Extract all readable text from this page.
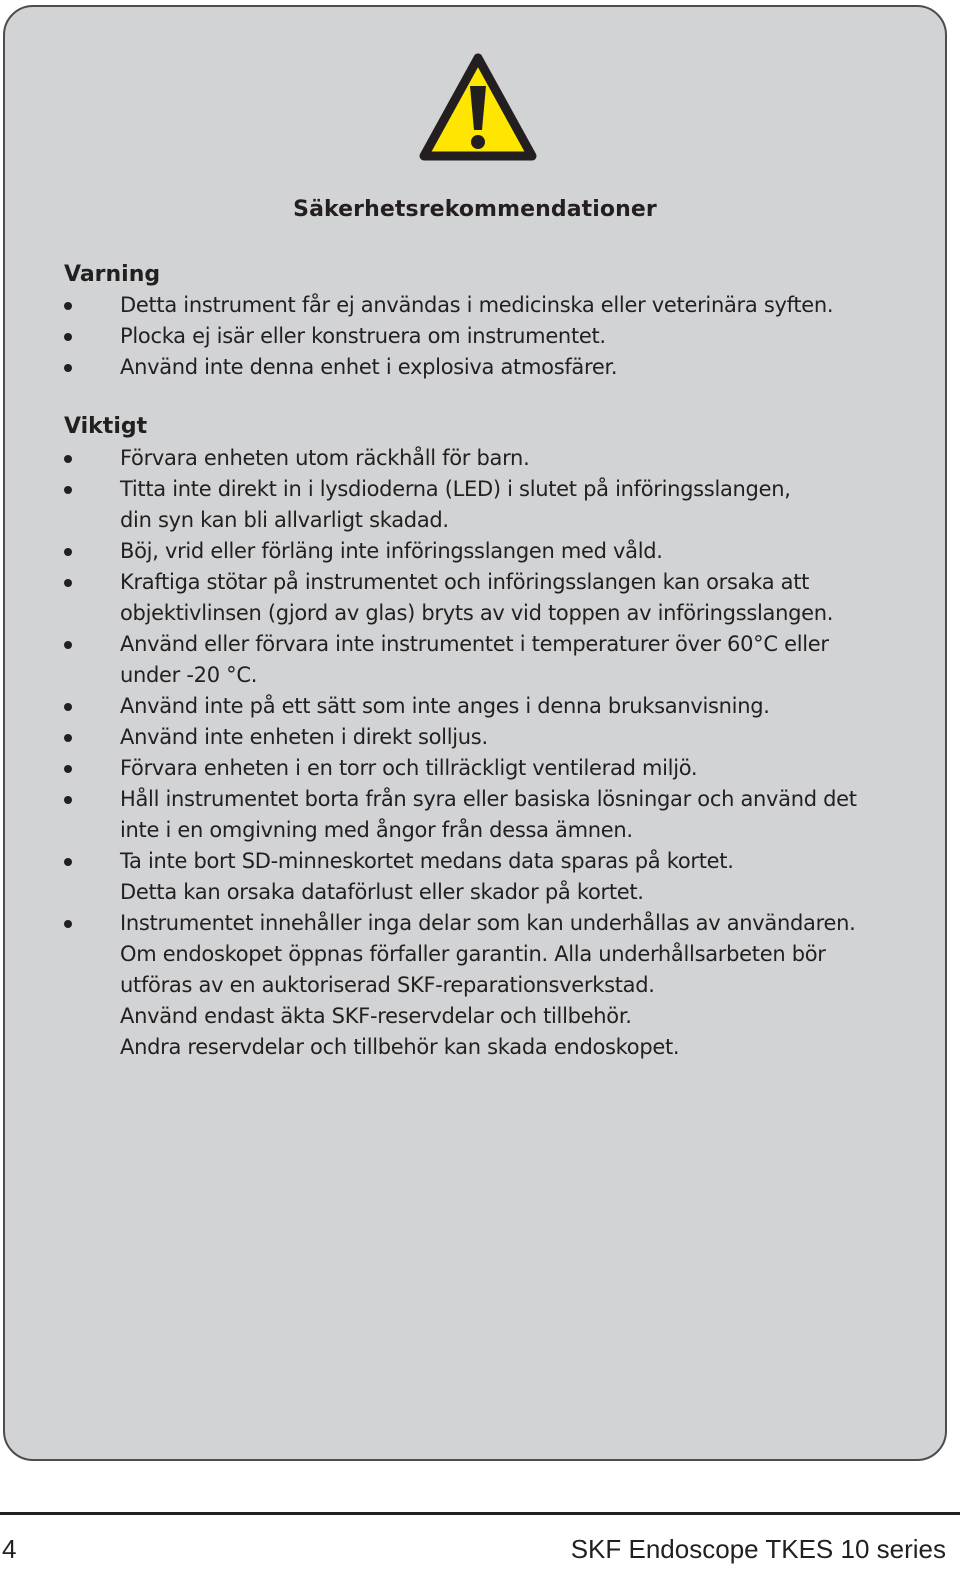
Säkerhetsrekommendationer
Varning
Detta instrument får ej användas i medicinska eller veterinära syften.
Plocka ej isär eller konstruera om instrumentet.
Använd inte denna enhet i explosiva atmosfärer.
Viktigt
Förvara enheten utom räckhåll för barn.
Titta inte direkt in i lysdioderna (LED) i slutet på införingsslangen,
din syn kan bli allvarligt skadad.
Böj, vrid eller förläng inte införingsslangen med våld.
Kraftiga stötar på instrumentet och införingsslangen kan orsaka att
objektivlinsen (gjord av glas) bryts av vid toppen av införingsslangen.
Använd eller förvara inte instrumentet i temperaturer över 60°C eller
under -20 °C.
Använd inte på ett sätt som inte anges i denna bruksanvisning.
Använd inte enheten i direkt solljus.
Förvara enheten i en torr och tillräckligt ventilerad miljö.
Håll instrumentet borta från syra eller basiska lösningar och använd det
inte i en omgivning med ångor från dessa ämnen.
Ta inte bort SD-minneskortet medans data sparas på kortet.
Detta kan orsaka dataförlust eller skador på kortet.
Instrumentet innehåller inga delar som kan underhållas av användaren.
Om endoskopet öppnas förfaller garantin. Alla underhållsarbeten bör
utföras av en auktoriserad SKF-reparationsverkstad.
Använd endast äkta SKF-reservdelar och tillbehör.
Andra reservdelar och tillbehör kan skada endoskopet.
4	SKF Endoscope TKES 10 series
